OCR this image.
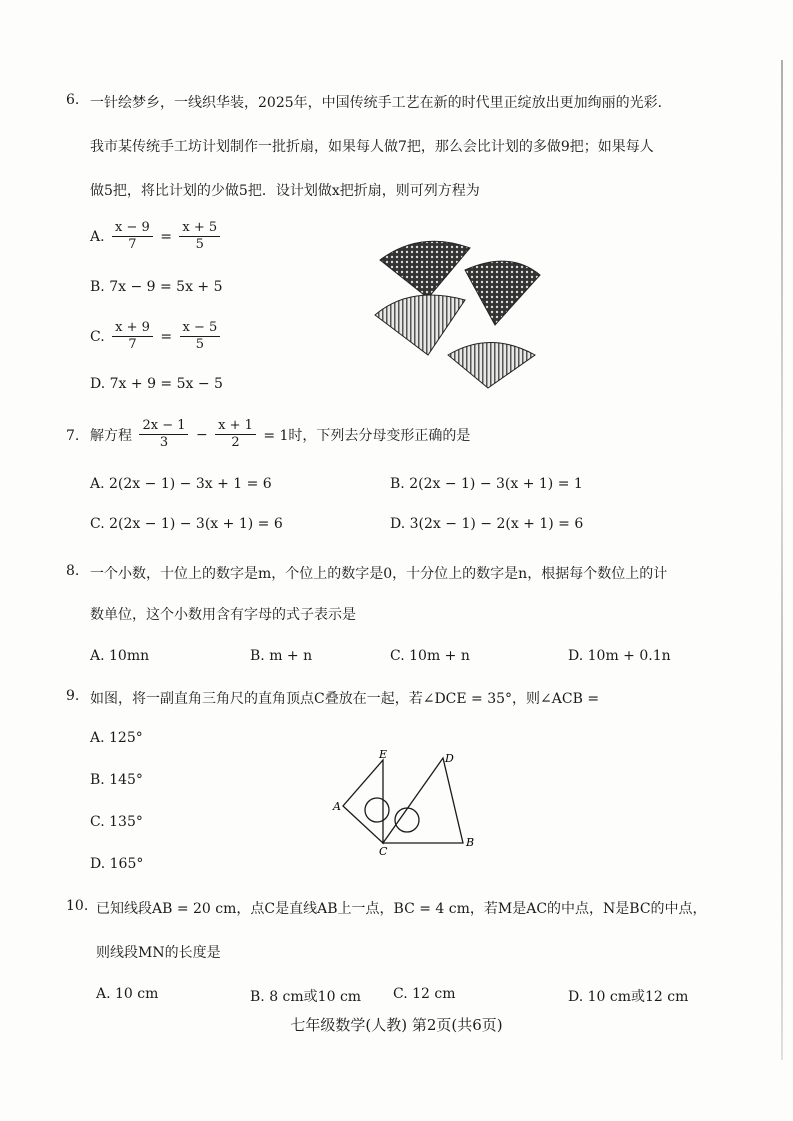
6. 一针绘梦乡，一线织华装，2025年，中国传统手工艺在新的时代里正绽放出更加绚丽的光彩．
我市某传统手工坊计划制作一批折扇，如果每人做7把，那么会比计划的多做9把；如果每人
做5把，将比计划的少做5把．设计划做x把折扇，则可列方程为
A. $\frac{x - 9}{7} = \frac{x + 5}{5}$
B. 7x − 9 = 5x + 5
C. $\frac{x + 9}{7} = \frac{x - 5}{5}$
D. 7x + 9 = 5x − 5
7. 解方程 $\frac{2x - 1}{3} - \frac{x + 1}{2} = 1$时，下列去分母变形正确的是
A. 2(2x − 1) − 3x + 1 = 6	B. 2(2x − 1) − 3(x + 1) = 1
C. 2(2x − 1) − 3(x + 1) = 6	D. 3(2x − 1) − 2(x + 1) = 6
8. 一个小数，十位上的数字是m，个位上的数字是0，十分位上的数字是n，根据每个数位上的计
数单位，这个小数用含有字母的式子表示是
A. 10mn	B. m + n	C. 10m + n	D. 10m + 0.1n
9. 如图，将一副直角三角尺的直角顶点C叠放在一起，若∠DCE = 35°，则∠ACB =
A. 125°
B. 145°
C. 135°
D. 165°
A
C
B
D
E
10. 已知线段AB = 20 cm，点C是直线AB上一点，BC = 4 cm，若M是AC的中点，N是BC的中点，
则线段MN的长度是
A. 10 cm	B. 8 cm或10 cm C. 12 cm	D. 10 cm或12 cm
七年级数学(人教) 第2页(共6页)
